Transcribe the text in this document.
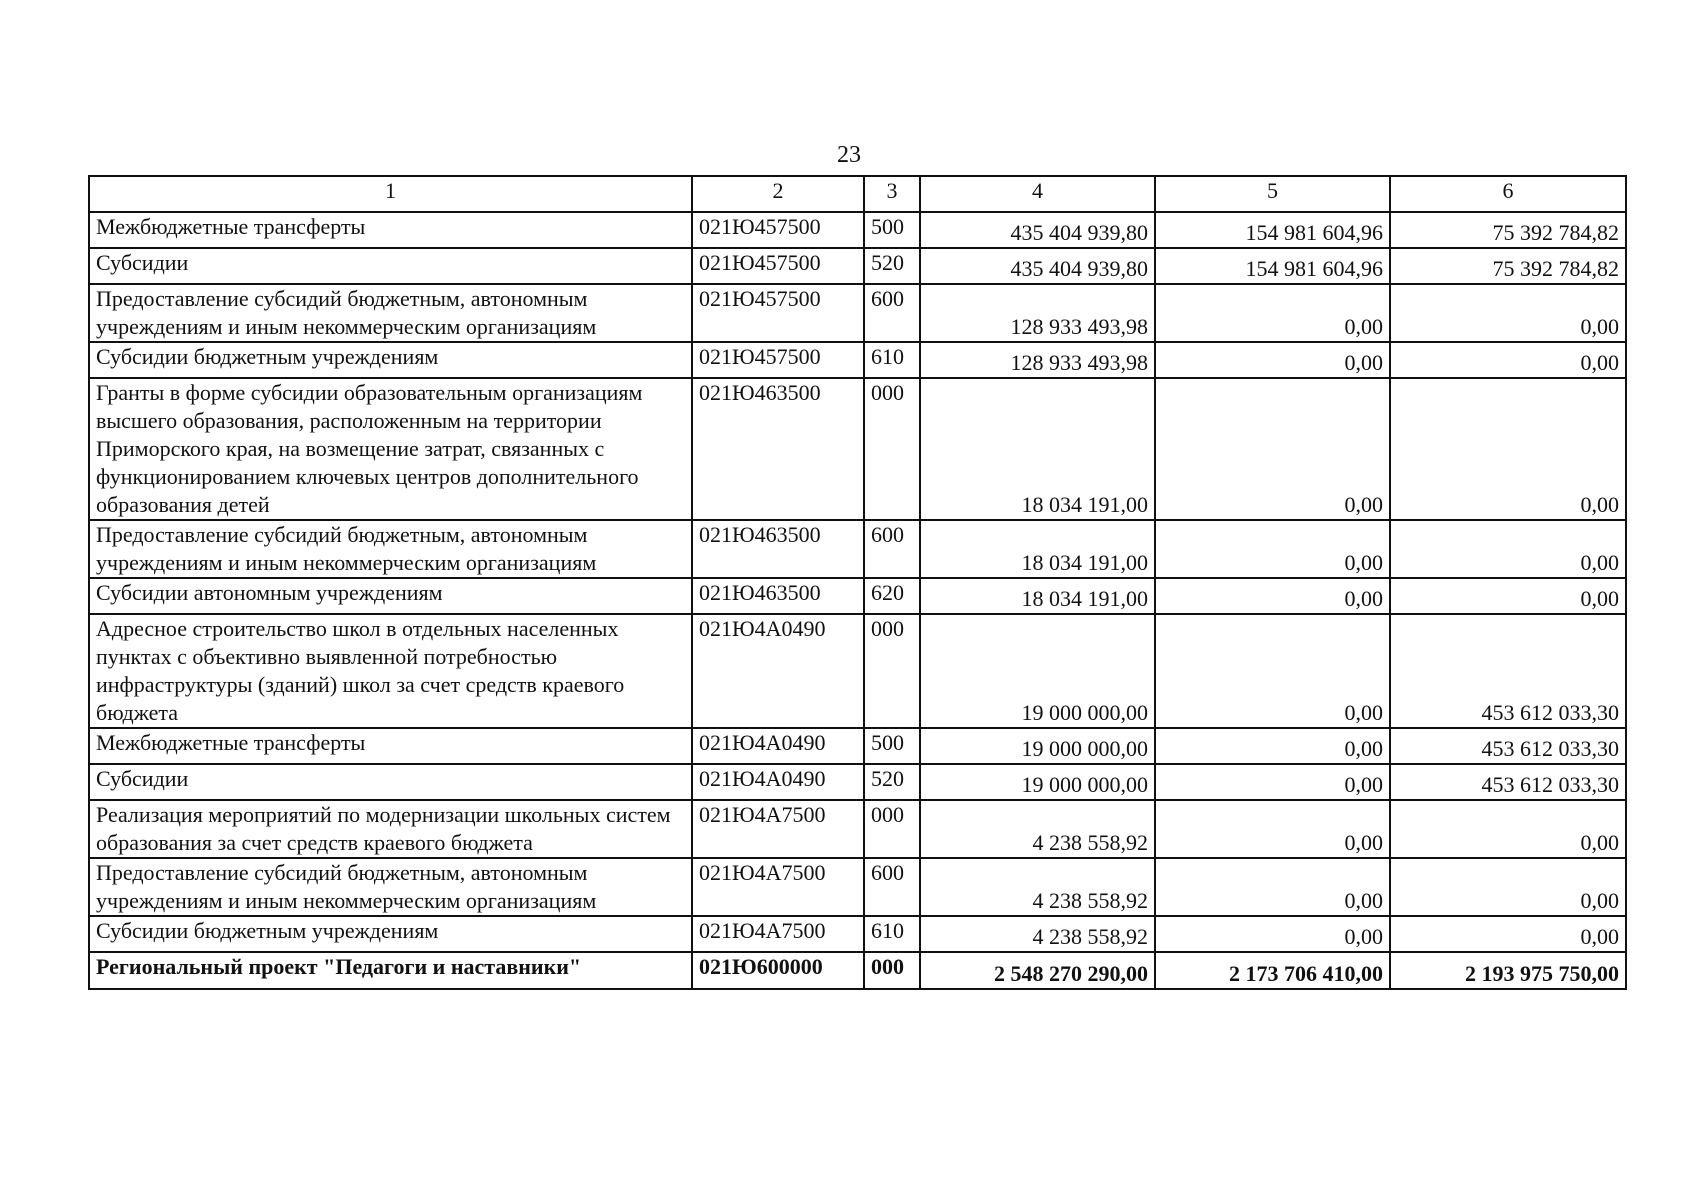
23
1	2	3	4	5	6
Межбюджетные трансферты	021Ю457500	500	435 404 939,80	154 981 604,96	75 392 784,82
Субсидии	021Ю457500	520	435 404 939,80	154 981 604,96	75 392 784,82
Предоставление субсидий бюджетным, автономным учреждениям и иным некоммерческим организациям	021Ю457500	600	128 933 493,98	0,00	0,00
Субсидии бюджетным учреждениям	021Ю457500	610	128 933 493,98	0,00	0,00
Гранты в форме субсидии образовательным организациям высшего образования, расположенным на территории Приморского края, на возмещение затрат, связанных с функционированием ключевых центров дополнительного образования детей	021Ю463500	000	18 034 191,00	0,00	0,00
Предоставление субсидий бюджетным, автономным учреждениям и иным некоммерческим организациям	021Ю463500	600	18 034 191,00	0,00	0,00
Субсидии автономным учреждениям	021Ю463500	620	18 034 191,00	0,00	0,00
Адресное строительство школ в отдельных населенных пунктах с объективно выявленной потребностью инфраструктуры (зданий) школ за счет средств краевого бюджета	021Ю4А0490	000	19 000 000,00	0,00	453 612 033,30
Межбюджетные трансферты	021Ю4А0490	500	19 000 000,00	0,00	453 612 033,30
Субсидии	021Ю4А0490	520	19 000 000,00	0,00	453 612 033,30
Реализация мероприятий по модернизации школьных систем образования за счет средств краевого бюджета	021Ю4А7500	000	4 238 558,92	0,00	0,00
Предоставление субсидий бюджетным, автономным учреждениям и иным некоммерческим организациям	021Ю4А7500	600	4 238 558,92	0,00	0,00
Субсидии бюджетным учреждениям	021Ю4А7500	610	4 238 558,92	0,00	0,00
Региональный проект "Педагоги и наставники"	021Ю600000	000	2 548 270 290,00	2 173 706 410,00	2 193 975 750,00
